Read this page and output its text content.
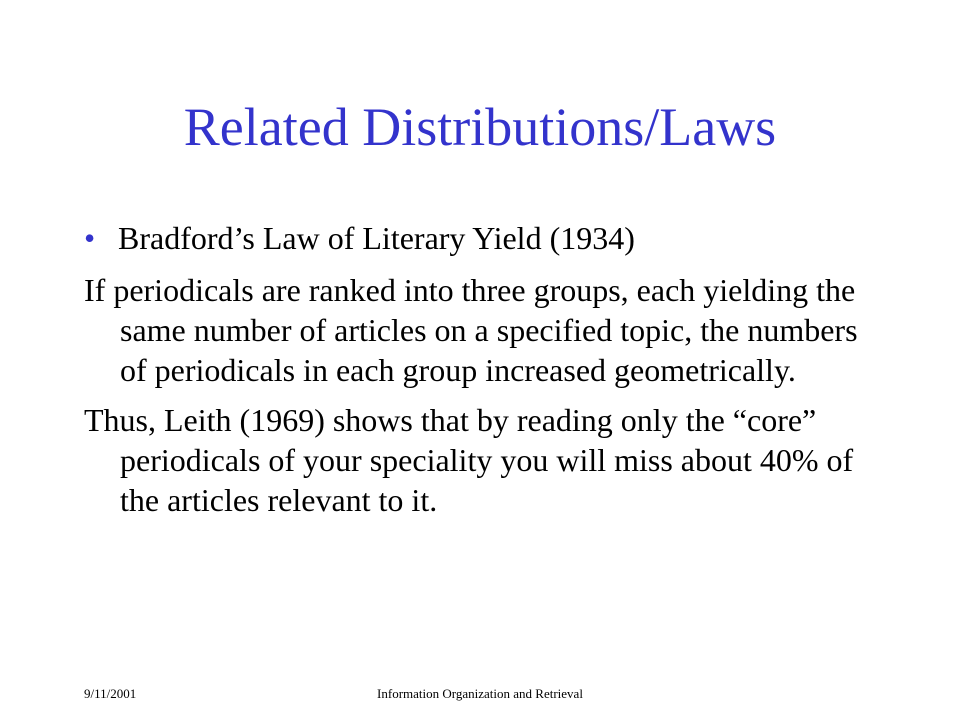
Related Distributions/Laws
• Bradford’s Law of Literary Yield (1934)

If periodicals are ranked into three groups, each yielding the same number of articles on a specified topic, the numbers of periodicals in each group increased geometrically.

Thus, Leith (1969) shows that by reading only the “core” periodicals of your speciality you will miss about 40% of the articles relevant to it.

9/11/2001	Information Organization and Retrieval
